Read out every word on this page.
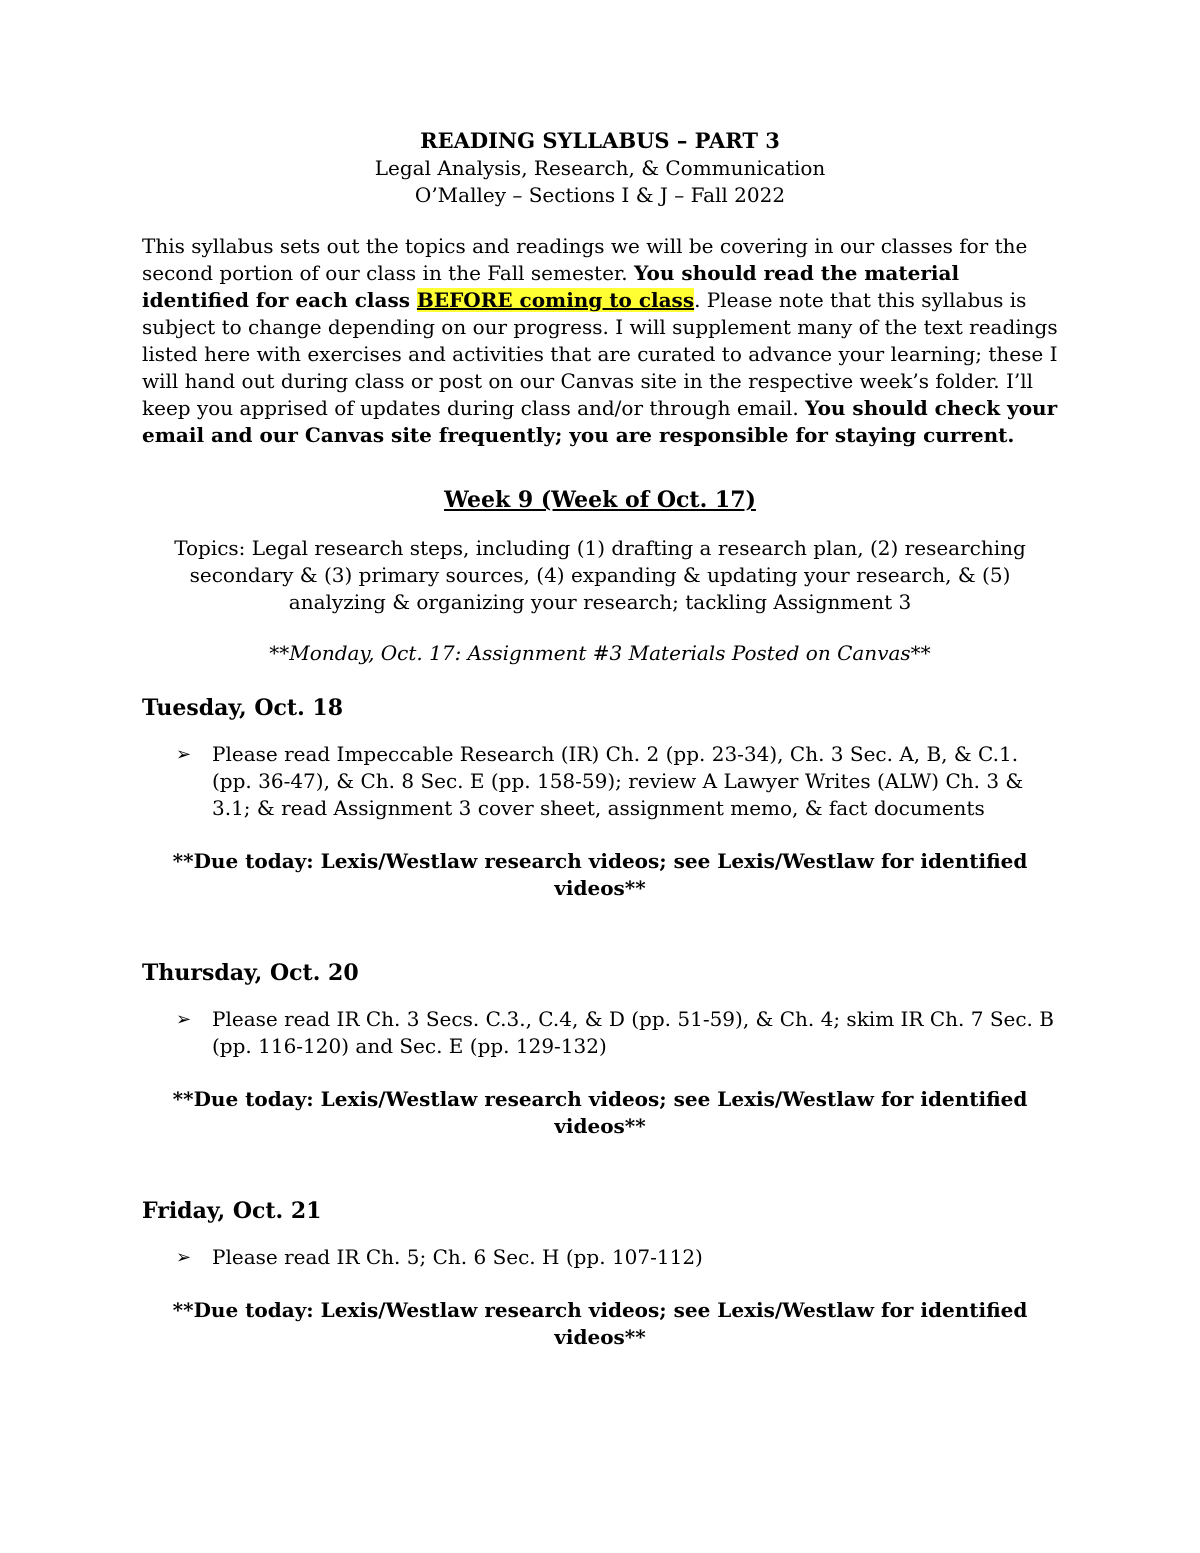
READING SYLLABUS – PART 3

Legal Analysis, Research, & Communication

O’Malley – Sections I & J – Fall 2022

This syllabus sets out the topics and readings we will be covering in our classes for the second portion of our class in the Fall semester. You should read the material identified for each class BEFORE coming to class. Please note that this syllabus is subject to change depending on our progress. I will supplement many of the text readings listed here with exercises and activities that are curated to advance your learning; these I will hand out during class or post on our Canvas site in the respective week’s folder. I’ll keep you apprised of updates during class and/or through email. You should check your email and our Canvas site frequently; you are responsible for staying current.

Week 9 (Week of Oct. 17)

Topics: Legal research steps, including (1) drafting a research plan, (2) researching secondary & (3) primary sources, (4) expanding & updating your research, & (5) analyzing & organizing your research; tackling Assignment 3

**Monday, Oct. 17: Assignment #3 Materials Posted on Canvas**

Tuesday, Oct. 18

➢ Please read Impeccable Research (IR) Ch. 2 (pp. 23-34), Ch. 3 Sec. A, B, & C.1. (pp. 36-47), & Ch. 8 Sec. E (pp. 158-59); review A Lawyer Writes (ALW) Ch. 3 & 3.1; & read Assignment 3 cover sheet, assignment memo, & fact documents

**Due today: Lexis/Westlaw research videos; see Lexis/Westlaw for identified videos**

Thursday, Oct. 20

➢ Please read IR Ch. 3 Secs. C.3., C.4, & D (pp. 51-59), & Ch. 4; skim IR Ch. 7 Sec. B (pp. 116-120) and Sec. E (pp. 129-132)

**Due today: Lexis/Westlaw research videos; see Lexis/Westlaw for identified videos**

Friday, Oct. 21

➢ Please read IR Ch. 5; Ch. 6 Sec. H (pp. 107-112)

**Due today: Lexis/Westlaw research videos; see Lexis/Westlaw for identified videos**
